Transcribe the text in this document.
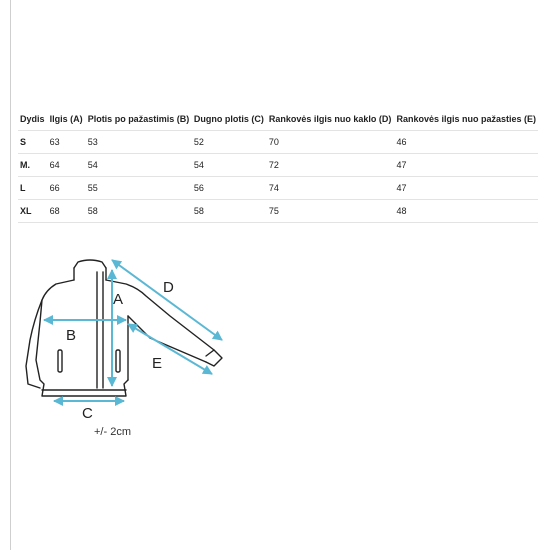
Dydis	Ilgis (A)	Plotis po pažastimis (B)	Dugno plotis (C)	Rankovės ilgis nuo kaklo (D)	Rankovės ilgis nuo pažasties (E)
S	63	53	52	70	46
M.	64	54	54	72	47
L	66	55	56	74	47
XL	68	58	58	75	48
A
B
C
D
E
+/- 2cm
